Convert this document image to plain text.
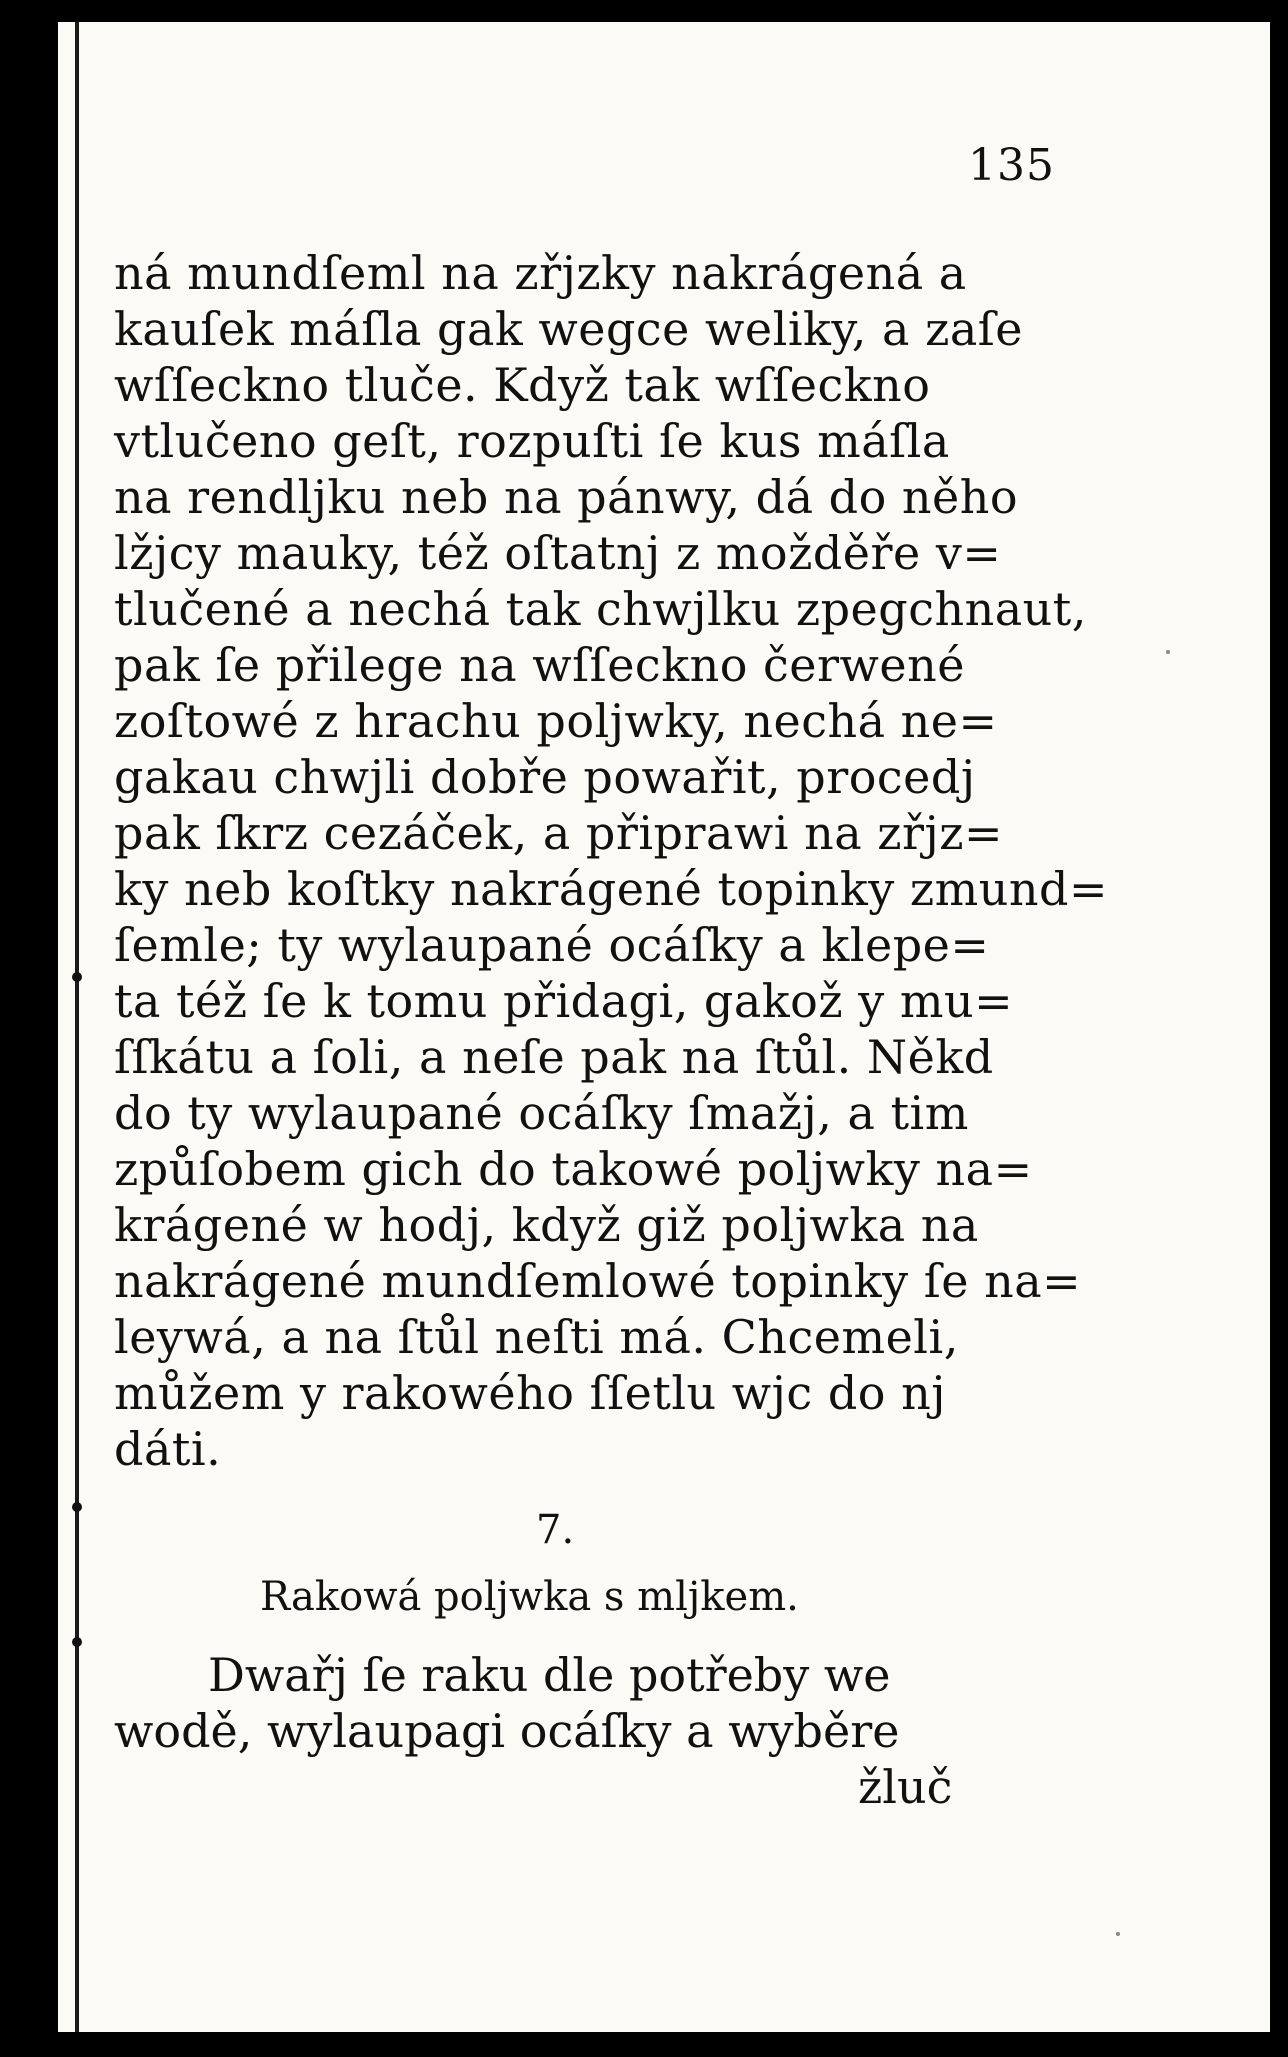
135
ná mundſeml na zřjzky nakrágená a
kauſek máſla gak wegce weliky, a zaſe
wſſeckno tluče. Když tak wſſeckno
vtlučeno geſt, rozpuſti ſe kus máſla
na rendljku neb na pánwy, dá do něho
lžjcy mauky, též oſtatnj z možděře v=
tlučené a nechá tak chwjlku zpegchnaut,
pak ſe přilege na wſſeckno čerwené
zoſtowé z hrachu poljwky, nechá ne=
gakau chwjli dobře powařit, procedj
pak ſkrz cezáček, a připrawi na zřjz=
ky neb koſtky nakrágené topinky zmund=
ſemle; ty wylaupané ocáſky a klepe=
ta též ſe k tomu přidagi, gakož y mu=
ſſkátu a ſoli, a neſe pak na ſtůl. Někd
do ty wylaupané ocáſky ſmažj, a tim
způſobem gich do takowé poljwky na=
krágené w hodj, když giž poljwka na
nakrágené mundſemlowé topinky ſe na=
leywá, a na ſtůl neſti má. Chcemeli,
můžem y rakowého ſſetlu wjc do nj
dáti.
7.
Rakowá poljwka s mljkem.
Dwařj ſe raku dle potřeby we
wodě, wylaupagi ocáſky a wyběre
žluč
